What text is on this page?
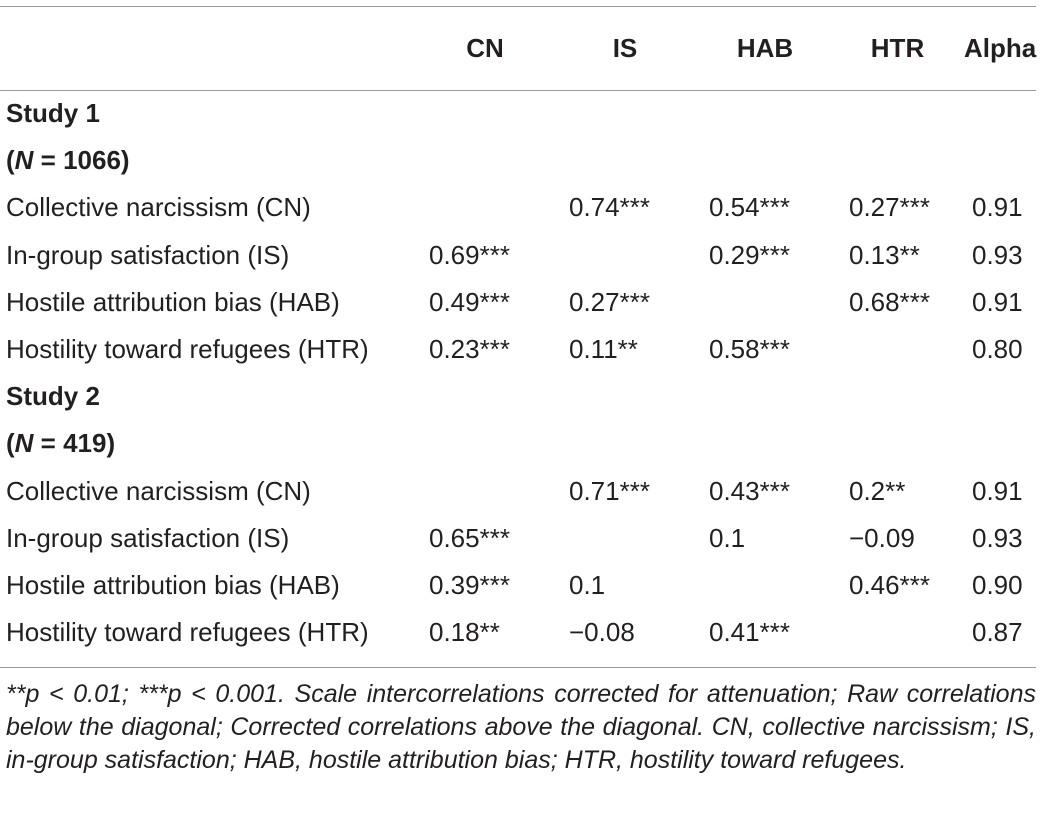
	CN	IS	HAB	HTR	Alpha
Study 1					
(N = 1066)					
Collective narcissism (CN)		0.74***	0.54***	0.27***	0.91
In-group satisfaction (IS)	0.69***		0.29***	0.13**	0.93
Hostile attribution bias (HAB)	0.49***	0.27***		0.68***	0.91
Hostility toward refugees (HTR)	0.23***	0.11**	0.58***		0.80
Study 2					
(N = 419)					
Collective narcissism (CN)		0.71***	0.43***	0.2**	0.91
In-group satisfaction (IS)	0.65***		0.1	−0.09	0.93
Hostile attribution bias (HAB)	0.39***	0.1		0.46***	0.90
Hostility toward refugees (HTR)	0.18**	−0.08	0.41***		0.87
**p < 0.01; ***p < 0.001. Scale intercorrelations corrected for attenuation; Raw correlations below the diagonal; Corrected correlations above the diagonal. CN, collective narcissism; IS, in-group satisfaction; HAB, hostile attribution bias; HTR, hostility toward refugees.
